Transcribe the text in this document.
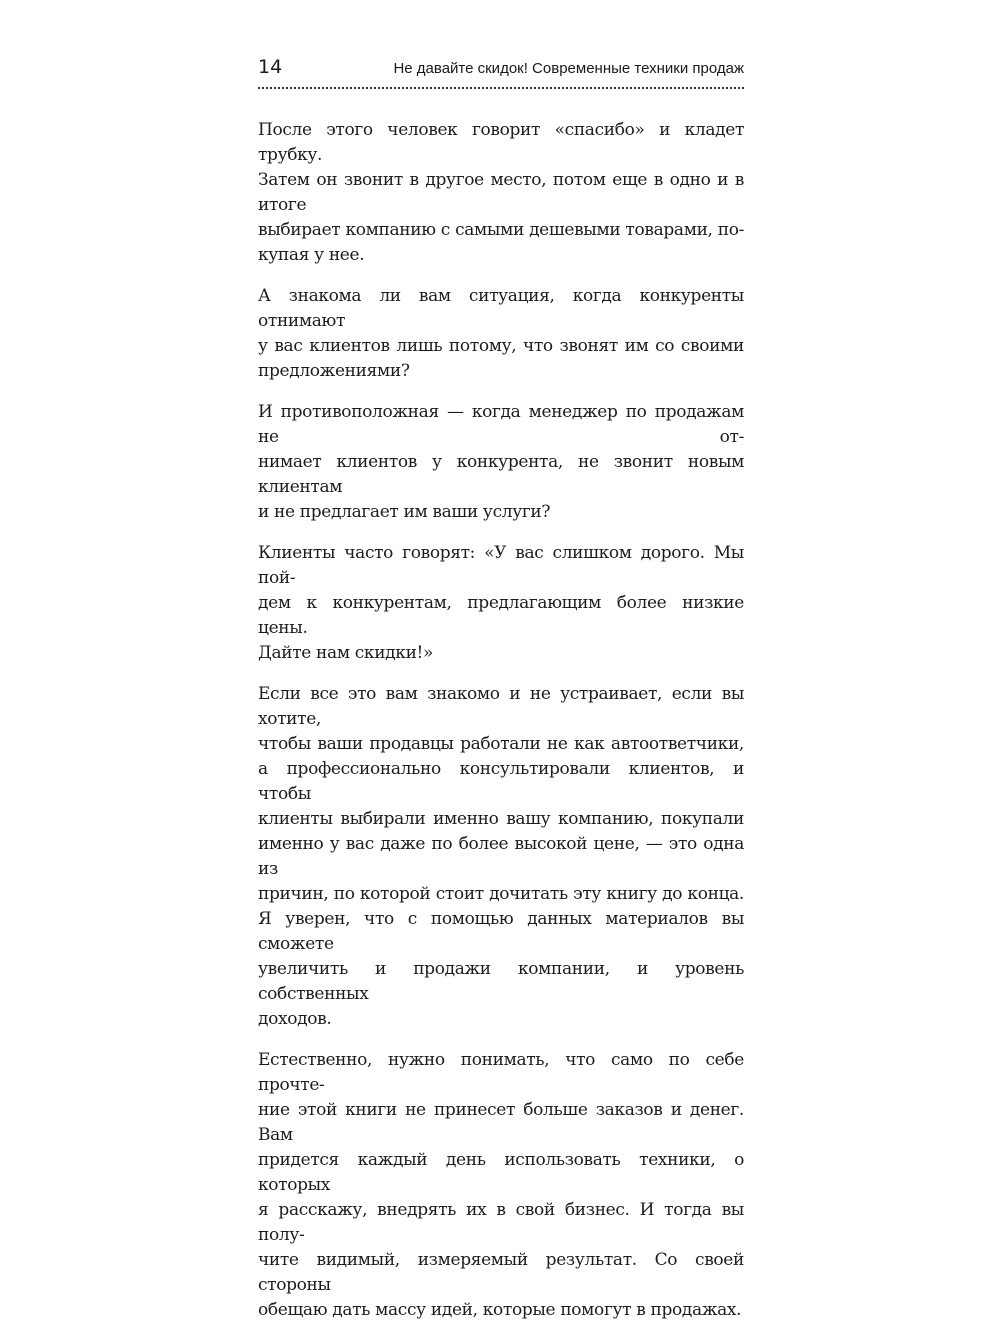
14	Не давайте скидок! Современные техники продаж

После этого человек говорит «спасибо» и кладет трубку.
Затем он звонит в другое место, потом еще в одно и в итоге
выбирает компанию с самыми дешевыми товарами, по-
купая у нее.

А знакома ли вам ситуация, когда конкуренты отнимают
у вас клиентов лишь потому, что звонят им со своими
предложениями?

И противоположная — когда менеджер по продажам не от-
нимает клиентов у конкурента, не звонит новым клиентам
и не предлагает им ваши услуги?

Клиенты часто говорят: «У вас слишком дорого. Мы пой-
дем к конкурентам, предлагающим более низкие цены.
Дайте нам скидки!»

Если все это вам знакомо и не устраивает, если вы хотите,
чтобы ваши продавцы работали не как автоответчики,
а профессионально консультировали клиентов, и чтобы
клиенты выбирали именно вашу компанию, покупали
именно у вас даже по более высокой цене, — это одна из
причин, по которой стоит дочитать эту книгу до конца.
Я уверен, что с помощью данных материалов вы сможете
увеличить и продажи компании, и уровень собственных
доходов.

Естественно, нужно понимать, что само по себе прочте-
ние этой книги не принесет больше заказов и денег. Вам
придется каждый день использовать техники, о которых
я расскажу, внедрять их в свой бизнес. И тогда вы полу-
чите видимый, измеряемый результат. Со своей стороны
обещаю дать массу идей, которые помогут в продажах.
